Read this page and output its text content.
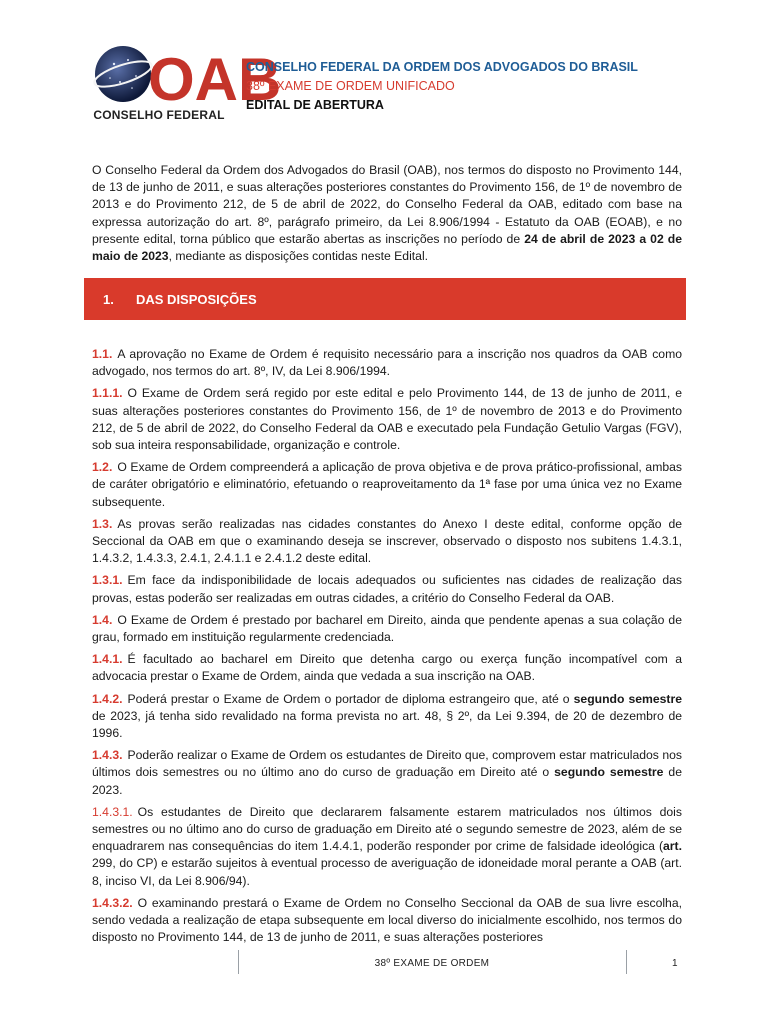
OAB
CONSELHO FEDERAL
CONSELHO FEDERAL DA ORDEM DOS ADVOGADOS DO BRASIL
38º EXAME DE ORDEM UNIFICADO
EDITAL DE ABERTURA

O Conselho Federal da Ordem dos Advogados do Brasil (OAB), nos termos do disposto no Provimento 144, de 13 de junho de 2011, e suas alterações posteriores constantes do Provimento 156, de 1º de novembro de 2013 e do Provimento 212, de 5 de abril de 2022, do Conselho Federal da OAB, editado com base na expressa autorização do art. 8º, parágrafo primeiro, da Lei 8.906/1994 - Estatuto da OAB (EOAB), e no presente edital, torna público que estarão abertas as inscrições no período de 24 de abril de 2023 a 02 de maio de 2023, mediante as disposições contidas neste Edital.

1.	DAS DISPOSIÇÕES

1.1. A aprovação no Exame de Ordem é requisito necessário para a inscrição nos quadros da OAB como advogado, nos termos do art. 8º, IV, da Lei 8.906/1994.

1.1.1. O Exame de Ordem será regido por este edital e pelo Provimento 144, de 13 de junho de 2011, e suas alterações posteriores constantes do Provimento 156, de 1º de novembro de 2013 e do Provimento 212, de 5 de abril de 2022, do Conselho Federal da OAB e executado pela Fundação Getulio Vargas (FGV), sob sua inteira responsabilidade, organização e controle.

1.2. O Exame de Ordem compreenderá a aplicação de prova objetiva e de prova prático-profissional, ambas de caráter obrigatório e eliminatório, efetuando o reaproveitamento da 1ª fase por uma única vez no Exame subsequente.

1.3. As provas serão realizadas nas cidades constantes do Anexo I deste edital, conforme opção de Seccional da OAB em que o examinando deseja se inscrever, observado o disposto nos subitens 1.4.3.1, 1.4.3.2, 1.4.3.3, 2.4.1, 2.4.1.1 e 2.4.1.2 deste edital.

1.3.1. Em face da indisponibilidade de locais adequados ou suficientes nas cidades de realização das provas, estas poderão ser realizadas em outras cidades, a critério do Conselho Federal da OAB.

1.4. O Exame de Ordem é prestado por bacharel em Direito, ainda que pendente apenas a sua colação de grau, formado em instituição regularmente credenciada.

1.4.1. É facultado ao bacharel em Direito que detenha cargo ou exerça função incompatível com a advocacia prestar o Exame de Ordem, ainda que vedada a sua inscrição na OAB.

1.4.2. Poderá prestar o Exame de Ordem o portador de diploma estrangeiro que, até o segundo semestre de 2023, já tenha sido revalidado na forma prevista no art. 48, § 2º, da Lei 9.394, de 20 de dezembro de 1996.

1.4.3. Poderão realizar o Exame de Ordem os estudantes de Direito que, comprovem estar matriculados nos últimos dois semestres ou no último ano do curso de graduação em Direito até o segundo semestre de 2023.

1.4.3.1. Os estudantes de Direito que declararem falsamente estarem matriculados nos últimos dois semestres ou no último ano do curso de graduação em Direito até o segundo semestre de 2023, além de se enquadrarem nas consequências do item 1.4.4.1, poderão responder por crime de falsidade ideológica (art. 299, do CP) e estarão sujeitos à eventual processo de averiguação de idoneidade moral perante a OAB (art. 8, inciso VI, da Lei 8.906/94).

1.4.3.2. O examinando prestará o Exame de Ordem no Conselho Seccional da OAB de sua livre escolha, sendo vedada a realização de etapa subsequente em local diverso do inicialmente escolhido, nos termos do disposto no Provimento 144, de 13 de junho de 2011, e suas alterações posteriores

38º EXAME DE ORDEM	1
